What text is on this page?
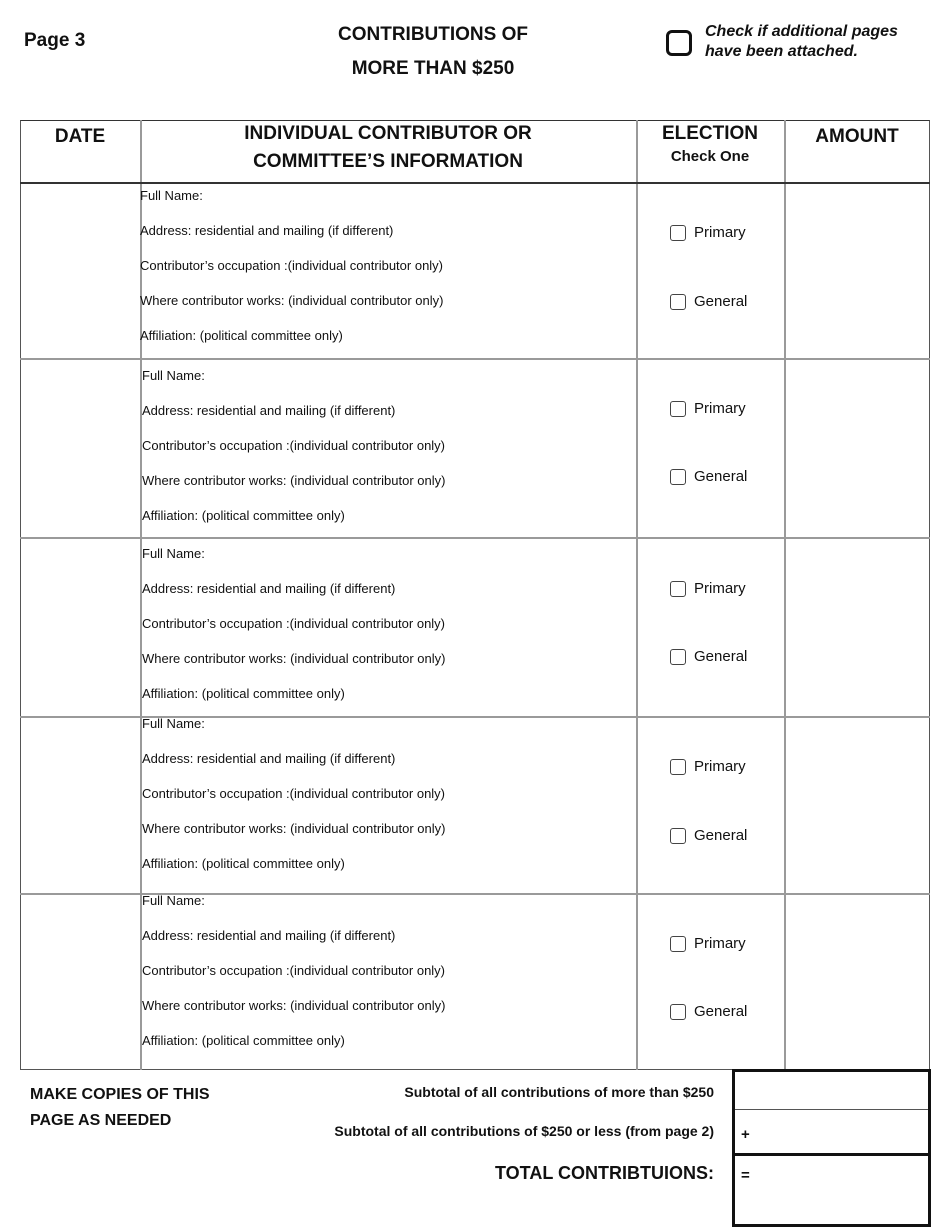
Page 3	CONTRIBUTIONS OF
MORE THAN $250
Check if additional pages
have been attached.
DATE	INDIVIDUAL CONTRIBUTOR OR
COMMITTEE’S INFORMATION
ELECTION
Check One
AMOUNT
Full Name:
Address: residential and mailing (if different)
Contributor’s occupation :(individual contributor only)
Where contributor works: (individual contributor only)
Affiliation: (political committee only)
Primary
General
Full Name:
Address: residential and mailing (if different)
Contributor’s occupation :(individual contributor only)
Where contributor works: (individual contributor only)
Affiliation: (political committee only)
Primary
General
Full Name:
Address: residential and mailing (if different)
Contributor’s occupation :(individual contributor only)
Where contributor works: (individual contributor only)
Affiliation: (political committee only)
Primary
General
Full Name:
Address: residential and mailing (if different)
Contributor’s occupation :(individual contributor only)
Where contributor works: (individual contributor only)
Affiliation: (political committee only)
Primary
General
Full Name:
Address: residential and mailing (if different)
Contributor’s occupation :(individual contributor only)
Where contributor works: (individual contributor only)
Affiliation: (political committee only)
Primary
General
MAKE COPIES OF THIS
PAGE AS NEEDED
Subtotal of all contributions of more than $250
Subtotal of all contributions of $250 or less (from page 2)
TOTAL CONTRIBTUIONS:
+
=
